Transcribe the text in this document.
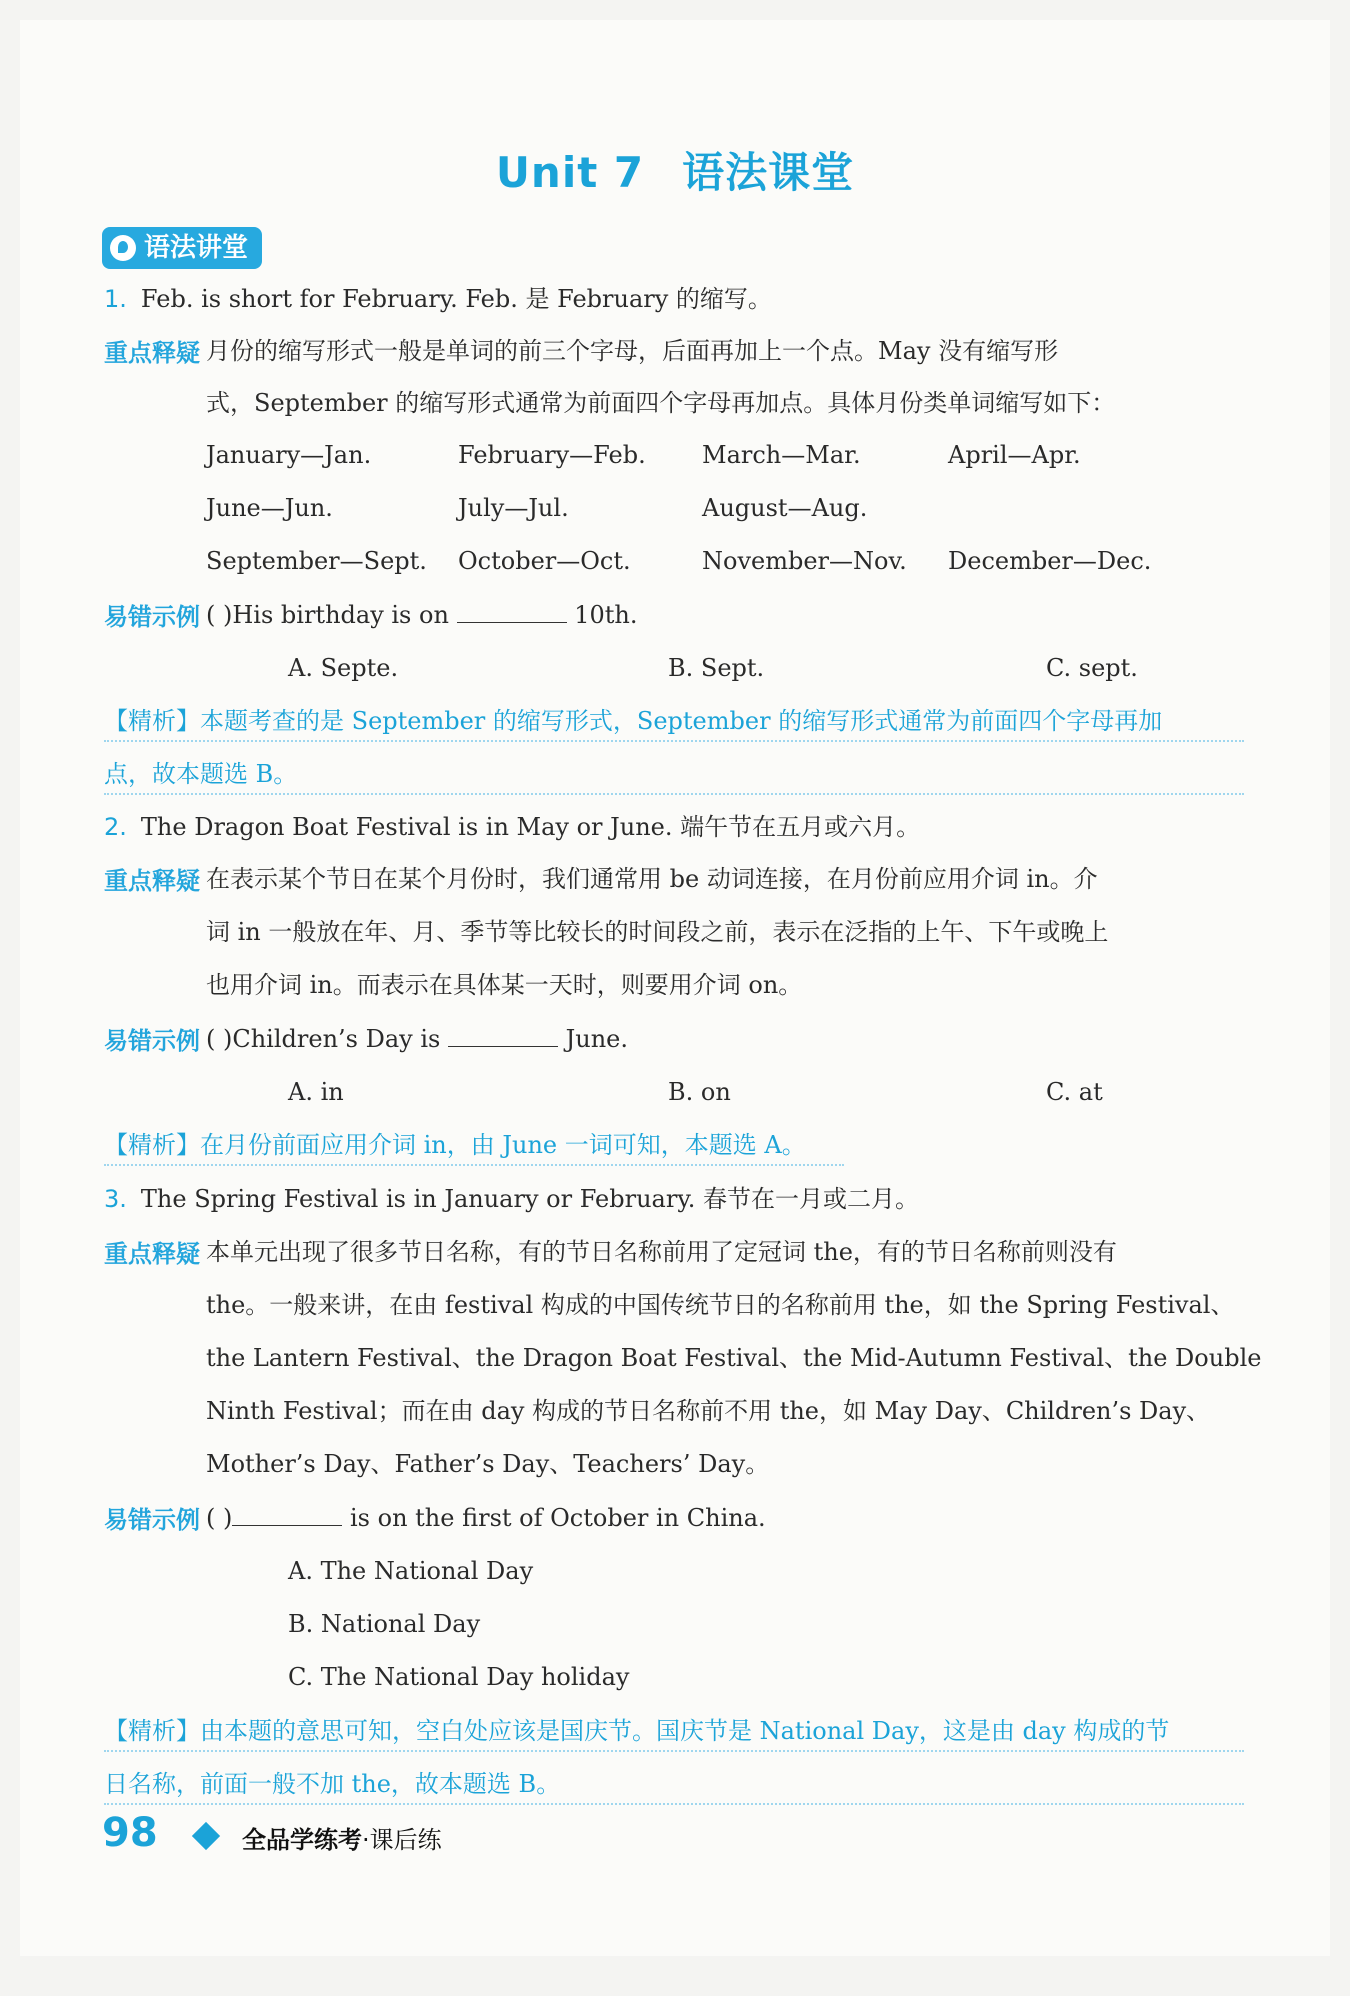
Unit 7 语法课堂
语法讲堂
1. Feb. is short for February. Feb. 是 February 的缩写。
重点释疑 月份的缩写形式一般是单词的前三个字母，后面再加上一个点。May 没有缩写形
式，September 的缩写形式通常为前面四个字母再加点。具体月份类单词缩写如下：
January—Jan.	February—Feb. March—Mar.	April—Apr.
June—Jun.	July—Jul.	August—Aug.
September—Sept. October—Oct.	November—Nov. December—Dec.
易错示例 ( )His birthday is on	10th.
A. Septe.	B. Sept.	C. sept.
【精析】本题考查的是 September 的缩写形式，September 的缩写形式通常为前面四个字母再加
点，故本题选 B。
2. The Dragon Boat Festival is in May or June. 端午节在五月或六月。
重点释疑 在表示某个节日在某个月份时，我们通常用 be 动词连接，在月份前应用介词 in。介
词 in 一般放在年、月、季节等比较长的时间段之前，表示在泛指的上午、下午或晚上
也用介词 in。而表示在具体某一天时，则要用介词 on。
易错示例 ( )Children’s Day is	June.
A. in	B. on	C. at
【精析】在月份前面应用介词 in，由 June 一词可知，本题选 A。
3. The Spring Festival is in January or February. 春节在一月或二月。
重点释疑 本单元出现了很多节日名称，有的节日名称前用了定冠词 the，有的节日名称前则没有
the。一般来讲，在由 festival 构成的中国传统节日的名称前用 the，如 the Spring Festival、
the Lantern Festival、the Dragon Boat Festival、the Mid-Autumn Festival、the Double
Ninth Festival；而在由 day 构成的节日名称前不用 the，如 May Day、Children’s Day、
Mother’s Day、Father’s Day、Teachers’ Day。
易错示例 ( )	is on the first of October in China.
A. The National Day
B. National Day
C. The National Day holiday
【精析】由本题的意思可知，空白处应该是国庆节。国庆节是 National Day，这是由 day 构成的节
日名称，前面一般不加 the，故本题选 B。
98	全品学练考·课后练
